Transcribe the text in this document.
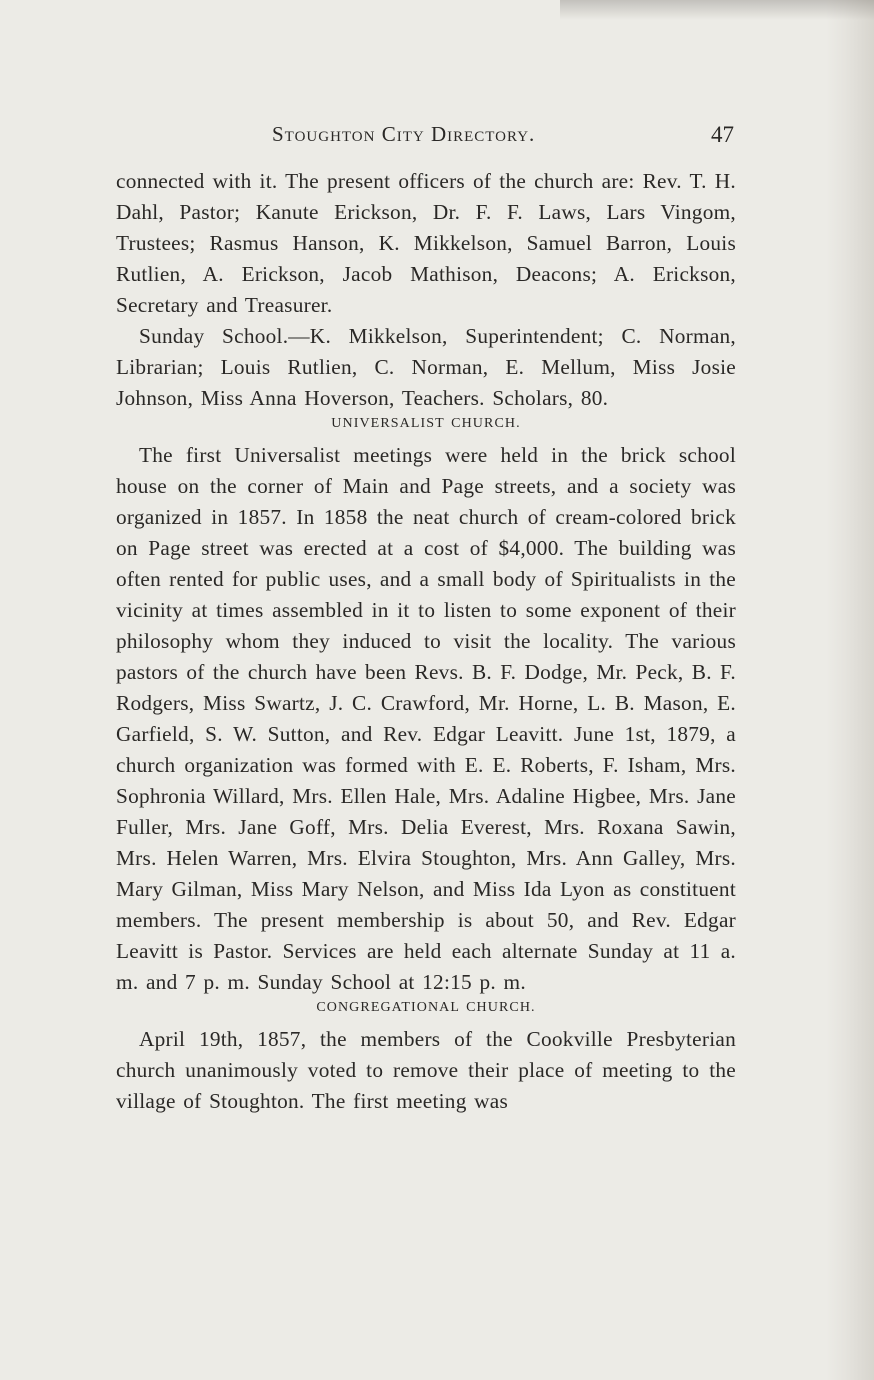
Stoughton City Directory.	47

connected with it. The present officers of the church are: Rev. T. H. Dahl, Pastor; Kanute Erickson, Dr. F. F. Laws, Lars Vingom, Trustees; Rasmus Hanson, K. Mikkelson, Samuel Barron, Louis Rutlien, A. Erickson, Jacob Mathison, Deacons; A. Erickson, Secretary and Treasurer.

Sunday School.—K. Mikkelson, Superintendent; C. Norman, Librarian; Louis Rutlien, C. Norman, E. Mellum, Miss Josie Johnson, Miss Anna Hoverson, Teachers. Scholars, 80.

UNIVERSALIST CHURCH.

The first Universalist meetings were held in the brick school house on the corner of Main and Page streets, and a society was organized in 1857. In 1858 the neat church of cream-colored brick on Page street was erected at a cost of $4,000. The building was often rented for public uses, and a small body of Spiritualists in the vicinity at times assembled in it to listen to some exponent of their philosophy whom they induced to visit the locality. The various pastors of the church have been Revs. B. F. Dodge, Mr. Peck, B. F. Rodgers, Miss Swartz, J. C. Crawford, Mr. Horne, L. B. Mason, E. Garfield, S. W. Sutton, and Rev. Edgar Leavitt. June 1st, 1879, a church organization was formed with E. E. Roberts, F. Isham, Mrs. Sophronia Willard, Mrs. Ellen Hale, Mrs. Adaline Higbee, Mrs. Jane Fuller, Mrs. Jane Goff, Mrs. Delia Everest, Mrs. Roxana Sawin, Mrs. Helen Warren, Mrs. Elvira Stoughton, Mrs. Ann Galley, Mrs. Mary Gilman, Miss Mary Nelson, and Miss Ida Lyon as constituent members. The present membership is about 50, and Rev. Edgar Leavitt is Pastor. Services are held each alternate Sunday at 11 a. m. and 7 p. m. Sunday School at 12:15 p. m.

CONGREGATIONAL CHURCH.

April 19th, 1857, the members of the Cookville Presbyterian church unanimously voted to remove their place of meeting to the village of Stoughton. The first meeting was
